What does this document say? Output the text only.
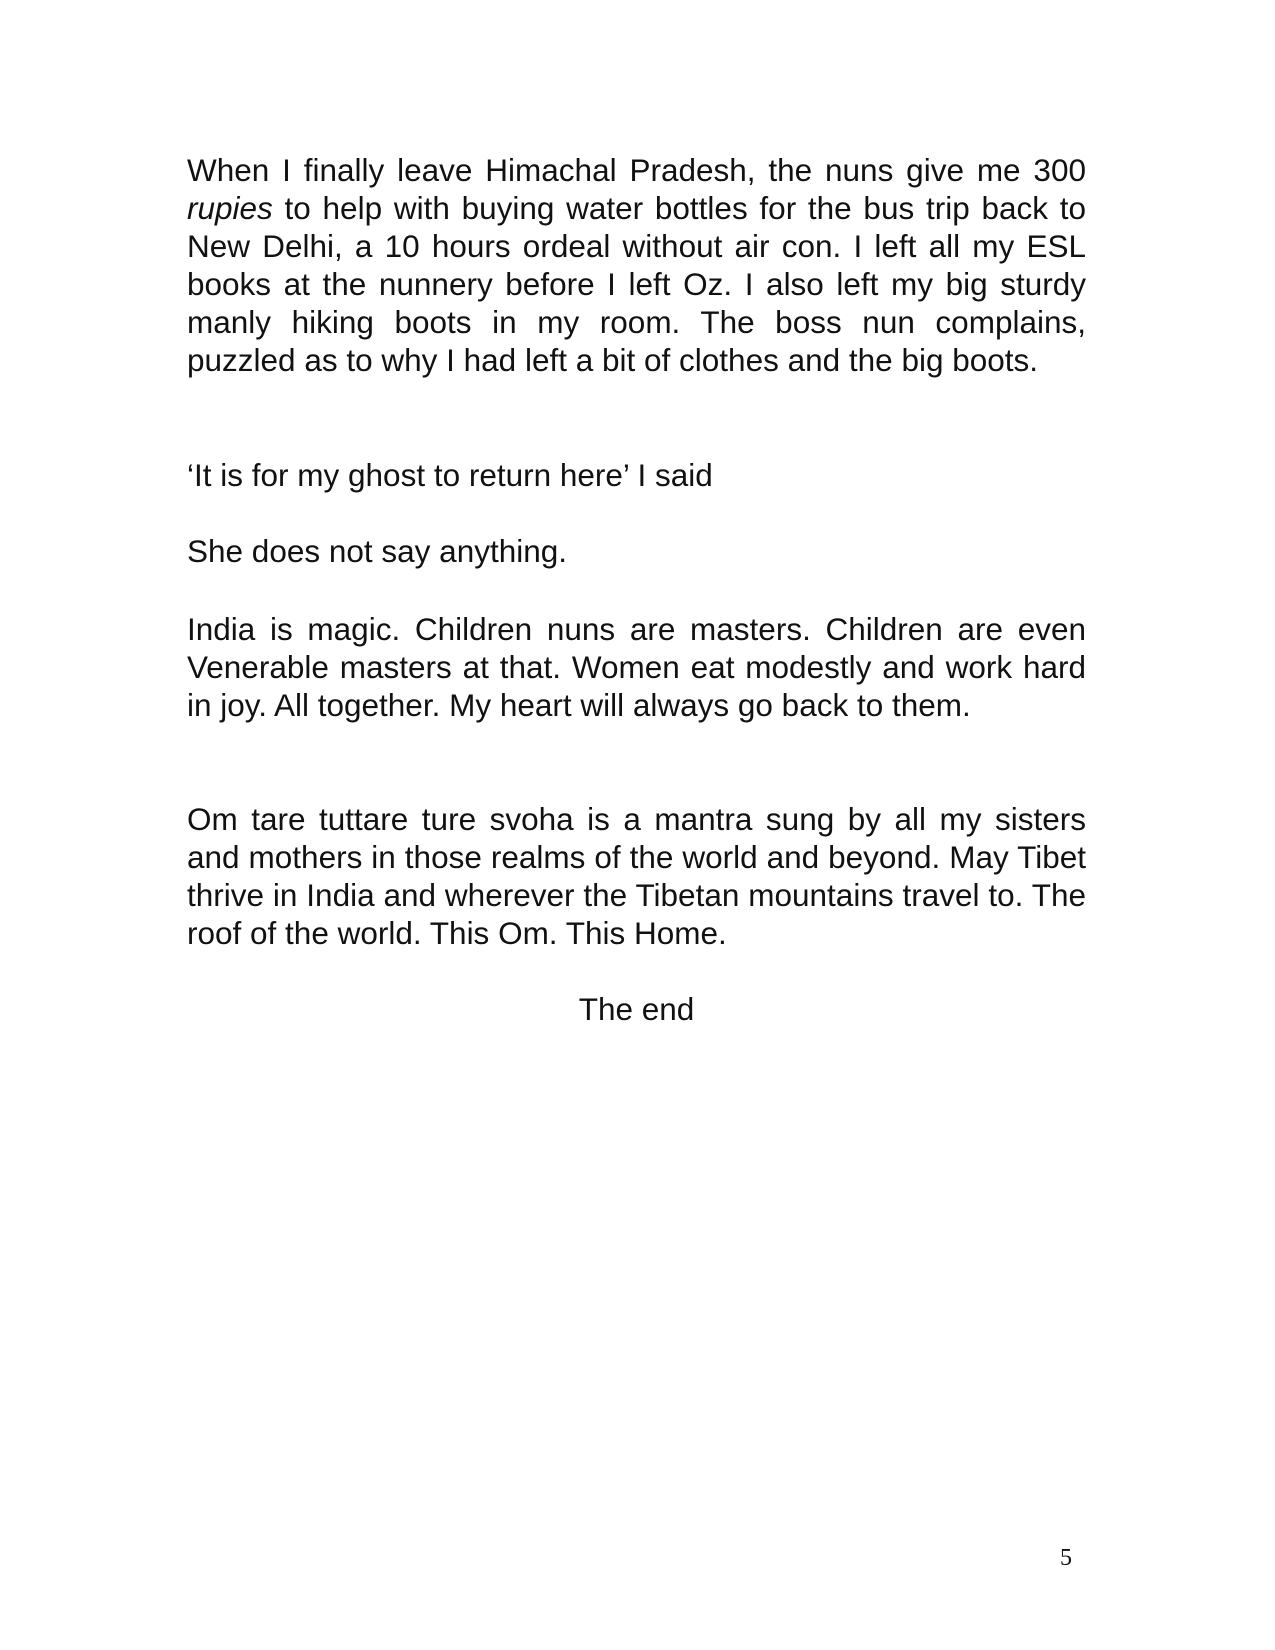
When I finally leave Himachal Pradesh, the nuns give me 300 rupies to help with buying water bottles for the bus trip back to New Delhi, a 10 hours ordeal without air con. I left all my ESL books at the nunnery before I left Oz. I also left my big sturdy manly hiking boots in my room. The boss nun complains, puzzled as to why I had left a bit of clothes and the big boots.

‘It is for my ghost to return here’ I said

She does not say anything.

India is magic. Children nuns are masters. Children are even Venerable masters at that. Women eat modestly and work hard in joy. All together. My heart will always go back to them.

Om tare tuttare ture svoha is a mantra sung by all my sisters and mothers in those realms of the world and beyond. May Tibet thrive in India and wherever the Tibetan mountains travel to. The roof of the world. This Om. This Home.

The end

5
